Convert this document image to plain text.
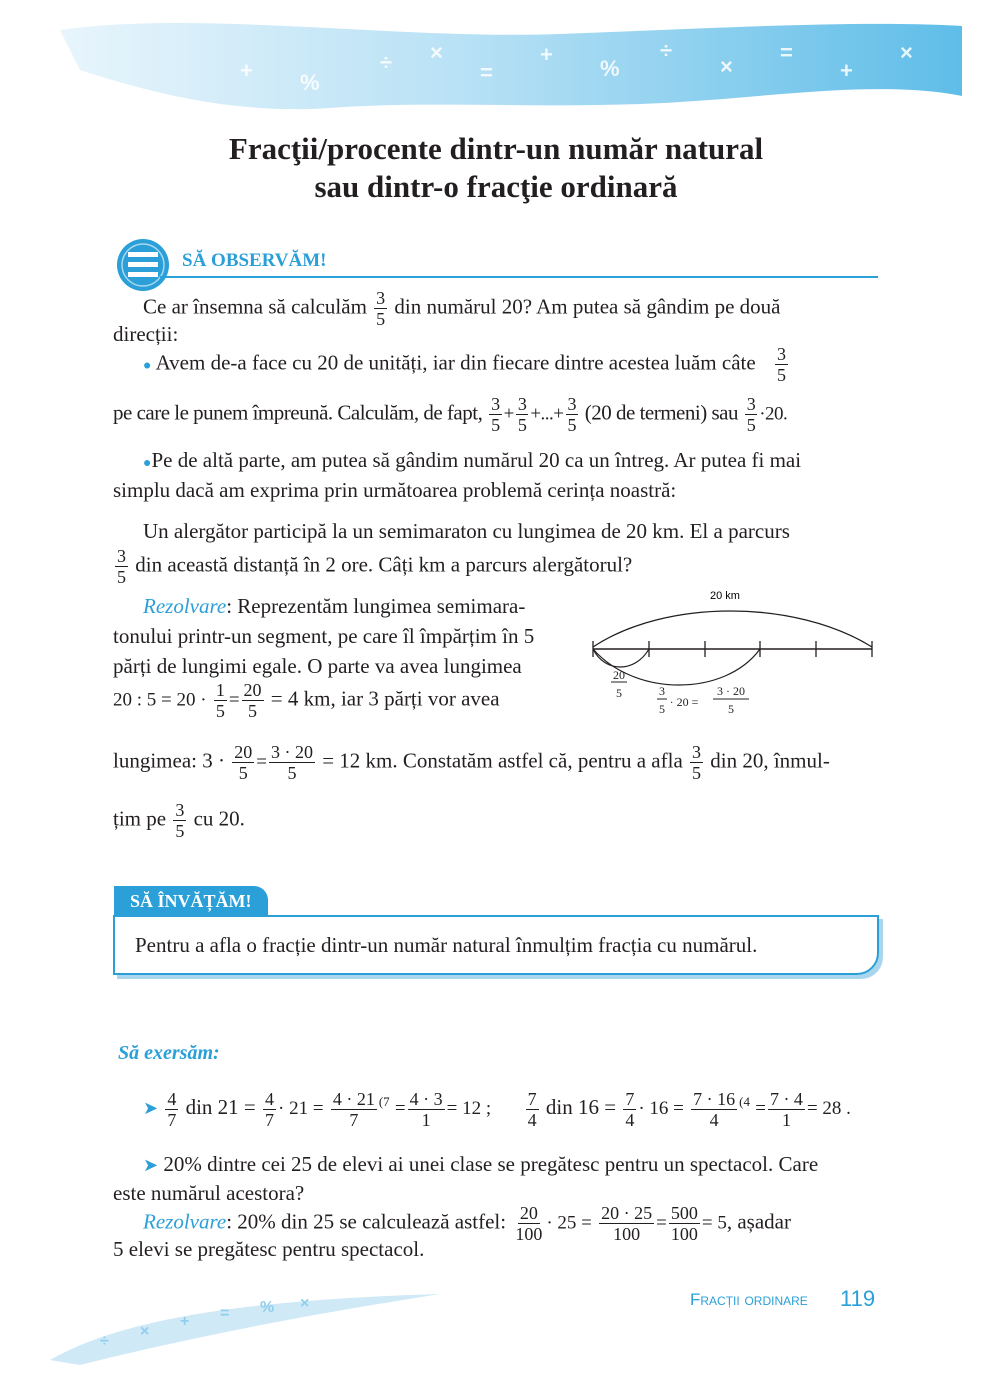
÷ ×
=
+
%
÷
×
=
+
×
%
+
÷
×
+ = % ×
Fracţii/procente dintr-un număr natural
sau dintr-o fracţie ordinară
SĂ OBSERVĂM!
Ce ar însemna să calculăm $\frac{3}{5}$ din numărul 20? Am putea să gândim pe două
direcții:
● Avem de-a face cu 20 de unități, iar din fiecare dintre acestea luăm câte $\frac{3}{5}$
pe care le punem împreună. Calculăm, de fapt, $\frac{3}{5} + \frac{3}{5}$ +...+ $\frac{3}{5} (20$ de termeni) sau $\frac{3}{5} \cdot 20$.
●Pe de altă parte, am putea să gândim numărul 20 ca un întreg. Ar putea fi mai
simplu dacă am exprima prin următoarea problemă cerința noastră:
Un alergător participă la un semimaraton cu lungimea de 20 km. El a parcurs
$\frac{3}{5}$ din această distanță în 2 ore. Câți km a parcurs alergătorul?
Rezolvare: Reprezentăm lungimea semimara-
tonului printr-un segment, pe care îl împărțim în 5
părți de lungimi egale. O parte va avea lungimea
20 : $5 = 20 \cdot \frac{1}{5} = \frac{20}{5} = 4$ km, iar 3 părți vor avea
20 km
20
5	3
5 · 20 =
3 · 20
5
lungimea: $3 \cdot \frac{20}{5} = \frac{3 \cdot 20}{5} = 12$ km. Constatăm astfel că, pentru a afla $\frac{3}{5}$ din 20, înmul-
țim pe $\frac{3}{5}$ cu 20.
SĂ ÎNVĂȚĂM!
Pentru a afla o fracție dintr-un număr natural înmulțim fracția cu numărul.
Să exersăm:
➤ $\frac{4}{7}$ din $21 = \frac{4}{7} \cdot 21 = \frac{4 \cdot 21}{7} ^{(7} = \frac{4 \cdot 3}{1} = 12$ ; $\frac{7}{4}$ din $16 = \frac{7}{4} \cdot 16 = \frac{7 \cdot 16}{4} ^{(4} = \frac{7 \cdot 4}{1} = 28$ .
➤ 20% dintre cei 25 de elevi ai unei clase se pregătesc pentru un spectacol. Care
este numărul acestora?
Rezolvare: 20% din 25 se calculează astfel: $\frac{20}{100} \cdot 25 = \frac{20 \cdot 25}{100} = \frac{500}{100} = 5$, așadar
5 elevi se pregătesc pentru spectacol.
Fracții ordinare 119
